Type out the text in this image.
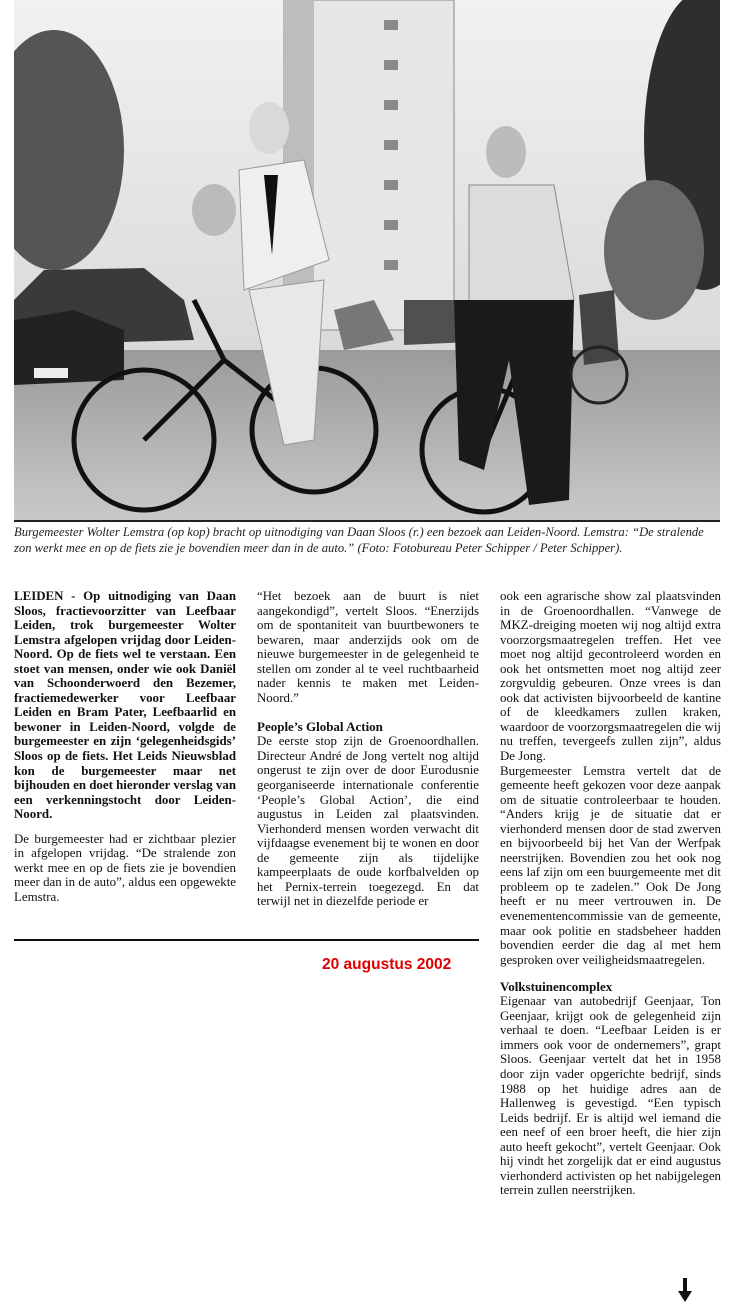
Burgemeester Wolter Lemstra (op kop) bracht op uitnodiging van Daan Sloos (r.) een bezoek aan Leiden-Noord. Lemstra: “De stralende zon werkt mee en op de fiets zie je bovendien meer dan in de auto.” (Foto: Fotobureau Peter Schipper / Peter Schipper).

LEIDEN - Op uitnodiging van Daan Sloos, fractievoorzitter van Leefbaar Leiden, trok burgemeester Wolter Lemstra afgelopen vrijdag door Leiden-Noord. Op de fiets wel te verstaan. Een stoet van mensen, onder wie ook Daniël van Schoonderwoerd den Bezemer, fractiemedewerker voor Leefbaar Leiden en Bram Pater, Leefbaarlid en bewoner in Leiden-Noord, volgde de burgemeester en zijn ‘gelegenheidsgids’ Sloos op de fiets. Het Leids Nieuwsblad kon de burgemeester maar net bijhouden en doet hieronder verslag van een verkenningstocht door Leiden-Noord.

De burgemeester had er zichtbaar plezier in afgelopen vrijdag. “De stralende zon werkt mee en op de fiets zie je bovendien meer dan in de auto”, aldus een opgewekte Lemstra.

“Het bezoek aan de buurt is niet aangekondigd”, vertelt Sloos. “Enerzijds om de spontaniteit van buurtbewoners te bewaren, maar anderzijds ook om de nieuwe burgemeester in de gelegenheid te stellen om zonder al te veel ruchtbaarheid nader kennis te maken met Leiden-Noord.”

People’s Global Action

De eerste stop zijn de Groenoordhallen. Directeur André de Jong vertelt nog altijd ongerust te zijn over de door Eurodusnie georganiseerde internationale conferentie ‘People’s Global Action’, die eind augustus in Leiden zal plaatsvinden. Vierhonderd mensen worden verwacht dit vijfdaagse evenement bij te wonen en door de gemeente zijn als tijdelijke kampeerplaats de oude korfbalvelden op het Pernix-terrein toegezegd. En dat terwijl net in diezelfde periode er

ook een agrarische show zal plaatsvinden in de Groenoordhallen. “Vanwege de MKZ-dreiging moeten wij nog altijd extra voorzorgsmaatregelen treffen. Het vee moet nog altijd gecontroleerd worden en ook het ontsmetten moet nog altijd zeer zorgvuldig gebeuren. Onze vrees is dan ook dat activisten bijvoorbeeld de kantine of de kleedkamers zullen kraken, waardoor de voorzorgsmaatregelen die wij nu treffen, tevergeefs zullen zijn”, aldus De Jong.

Burgemeester Lemstra vertelt dat de gemeente heeft gekozen voor deze aanpak om de situatie controleerbaar te houden. “Anders krijg je de situatie dat er vierhonderd mensen door de stad zwerven en bijvoorbeeld bij het Van der Werfpak neerstrijken. Bovendien zou het ook nog eens laf zijn om een buurgemeente met dit probleem op te zadelen.” Ook De Jong heeft er nu meer vertrouwen in. De evenementencommissie van de gemeente, maar ook politie en stadsbeheer hadden bovendien eerder die dag al met hem gesproken over veiligheidsmaatregelen.

Volkstuinencomplex

Eigenaar van autobedrijf Geenjaar, Ton Geenjaar, krijgt ook de gelegenheid zijn verhaal te doen. “Leefbaar Leiden is er immers ook voor de ondernemers”, grapt Sloos. Geenjaar vertelt dat het in 1958 door zijn vader opgerichte bedrijf, sinds 1988 op het huidige adres aan de Hallenweg is gevestigd. “Een typisch Leids bedrijf. Er is altijd wel iemand die een neef of een broer heeft, die hier zijn auto heeft gekocht”, vertelt Geenjaar. Ook hij vindt het zorgelijk dat er eind augustus vierhonderd activisten op het nabijgelegen terrein zullen neerstrijken.

20 augustus 2002
